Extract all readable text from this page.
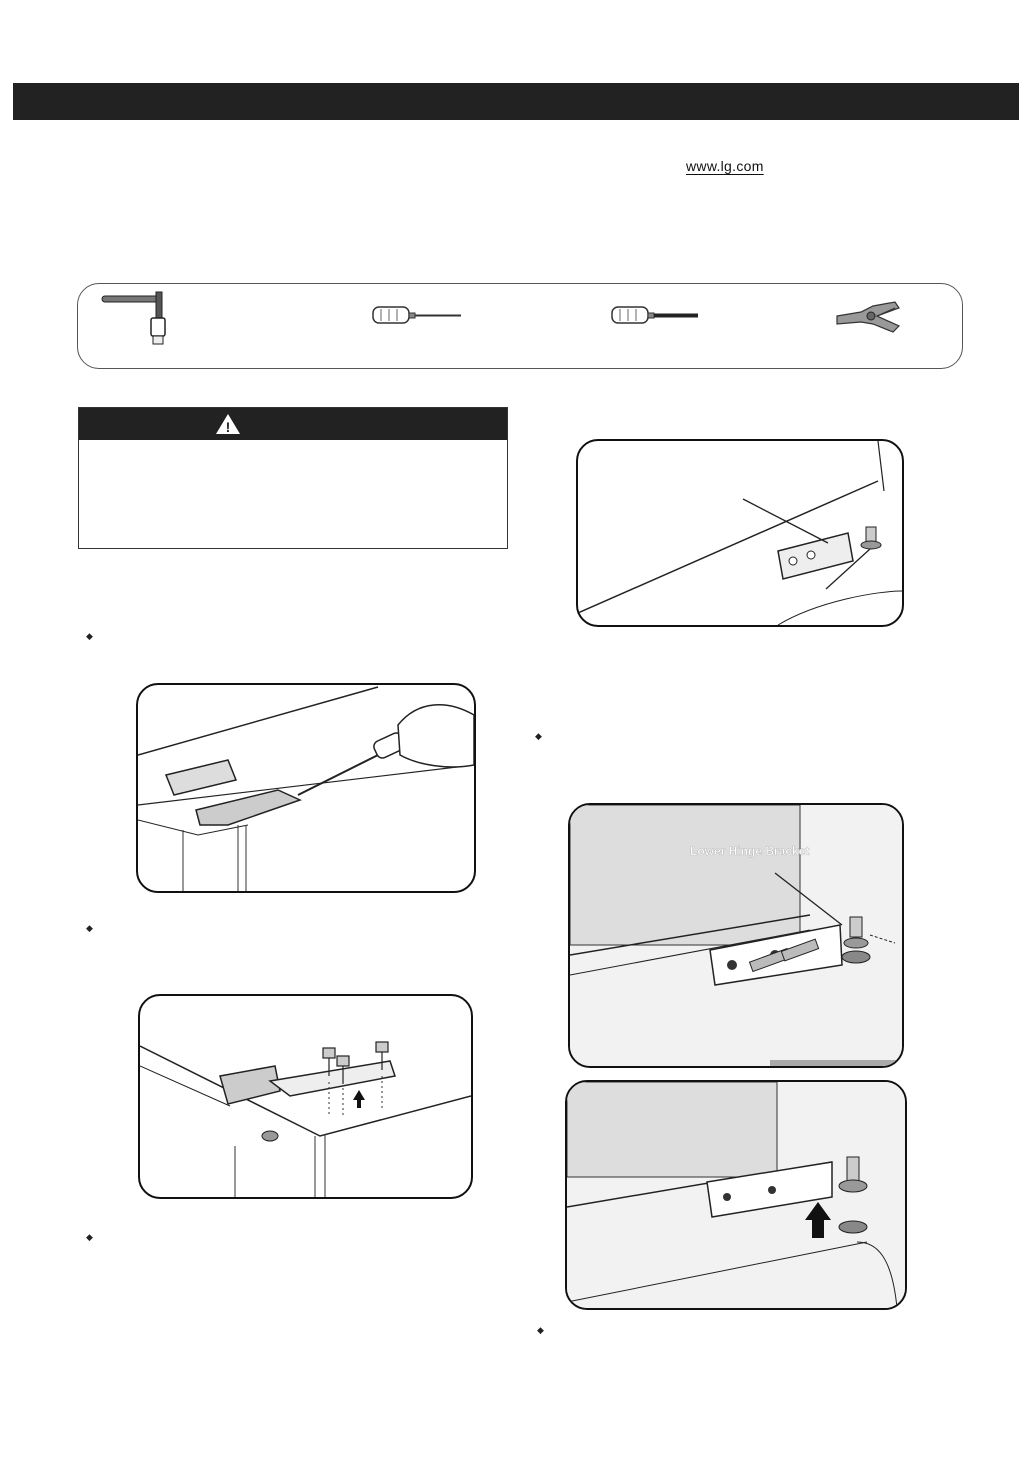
www.lg.com
!
◆
◆
◆
◆
◆
Lower Hinge Bracket
